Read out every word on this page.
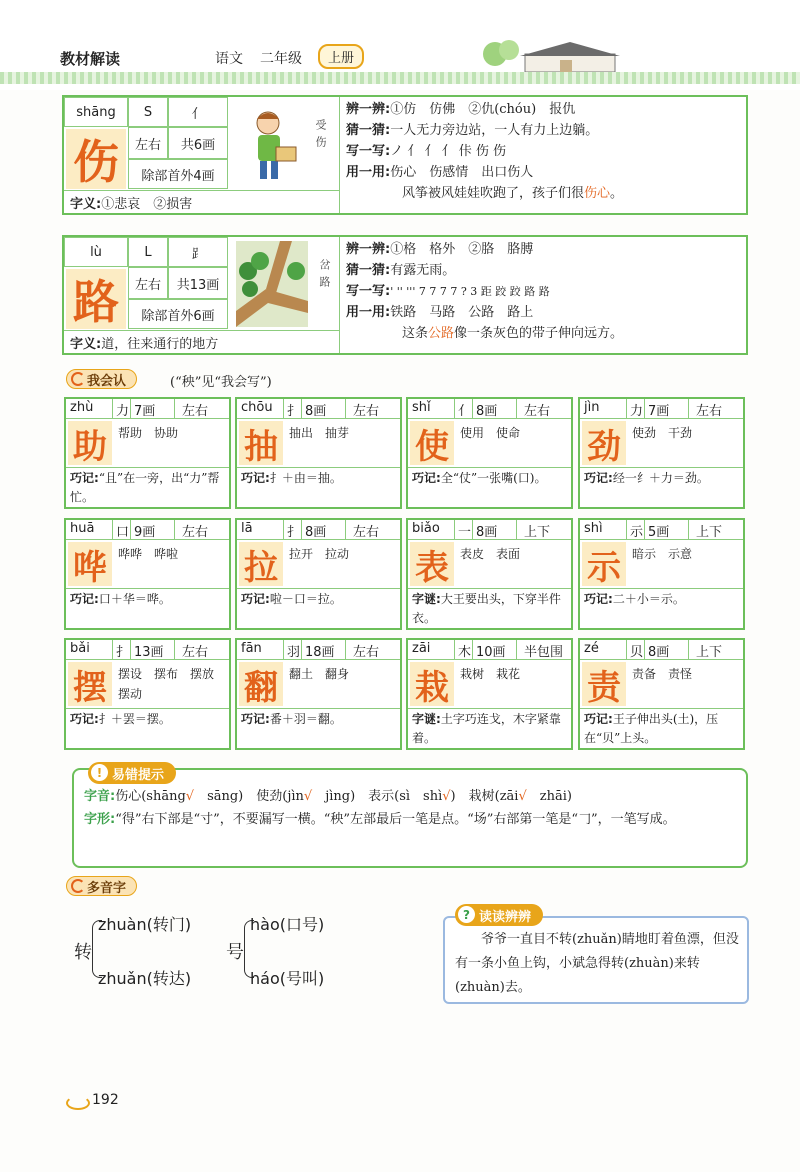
教材解读	语文 二年级	上册
shāng	S	亻
伤	左右	共6画
除部首外4画
受伤
字义:①悲哀　②损害
辨一辨:①仿　仿佛　②仇(chóu)　报仇
猜一猜:一人无力旁边站，一人有力上边躺。
写一写:ノ 亻 亻 亻 佧 伤 伤
用一用:伤心　伤感情　出口伤人
风筝被风娃娃吹跑了，孩子们很伤心。
lù	L	⻊
路	左右	共13画
除部首外6画
岔路
字义:道，往来通行的地方
辨一辨:①格　格外　②胳　胳膊
猜一猜:有露无雨。
写一写:' '' ''' 7 7 7 7 ? 3 距 跤 跤 路 路
用一用:铁路　马路　公路　路上
这条公路像一条灰色的带子伸向远方。
我会认	(“秧”见“我会写”)
zhù 力 7画 左右
助 帮助　协助
巧记:“且”在一旁，出“力”帮忙。
chōu 扌 8画 左右
抽 抽出　抽芽
巧记:扌＋由＝抽。
shǐ 亻 8画 左右
使 使用　使命
巧记:全“仗”一张嘴(口)。
jìn 力 7画 左右
劲 使劲　干劲
巧记:经一纟＋力＝劲。
huā 口 9画 左右
哗 哗哗　哗啦
巧记:口＋华＝哗。
lā	扌 8画 左右
拉 拉开　拉动
巧记:啦－口＝拉。
biǎo 一 8画 上下
表 表皮　表面
字谜:大王要出头，下穿半件衣。
shì 示 5画 上下
示 暗示　示意
巧记:二＋小＝示。
bǎi 扌 13画 左右
摆 摆设　摆布　摆放　摆动
巧记:扌＋罢＝摆。
fān 羽 18画 左右
翻 翻土　翻身
巧记:番＋羽＝翻。
zāi 木 10画 半包围
栽 栽树　栽花
字谜:土字巧连戈，木字紧靠着。
zé 贝 8画 上下
责 责备　责怪
巧记:王子伸出头(土)，压在“贝”上头。
字音:伤心(shāng√　sāng)　使劲(jìn√　jìng)　表示(sì　shì√)　栽树(zāi√　zhāi)
字形:“得”右下部是“寸”，不要漏写一横。“秧”左部最后一笔是点。“场”右部第一笔是“𠃌”，一笔写成。
! 易错提示
多音字
转
zhuàn(转门)
zhuǎn(转达)
号
hào(口号)
háo(号叫)
爷爷一直目不转(zhuǎn)睛地盯着鱼漂，但没有一条小鱼上钩，小斌急得转(zhuàn)来转(zhuàn)去。
? 读读辨辨
192
